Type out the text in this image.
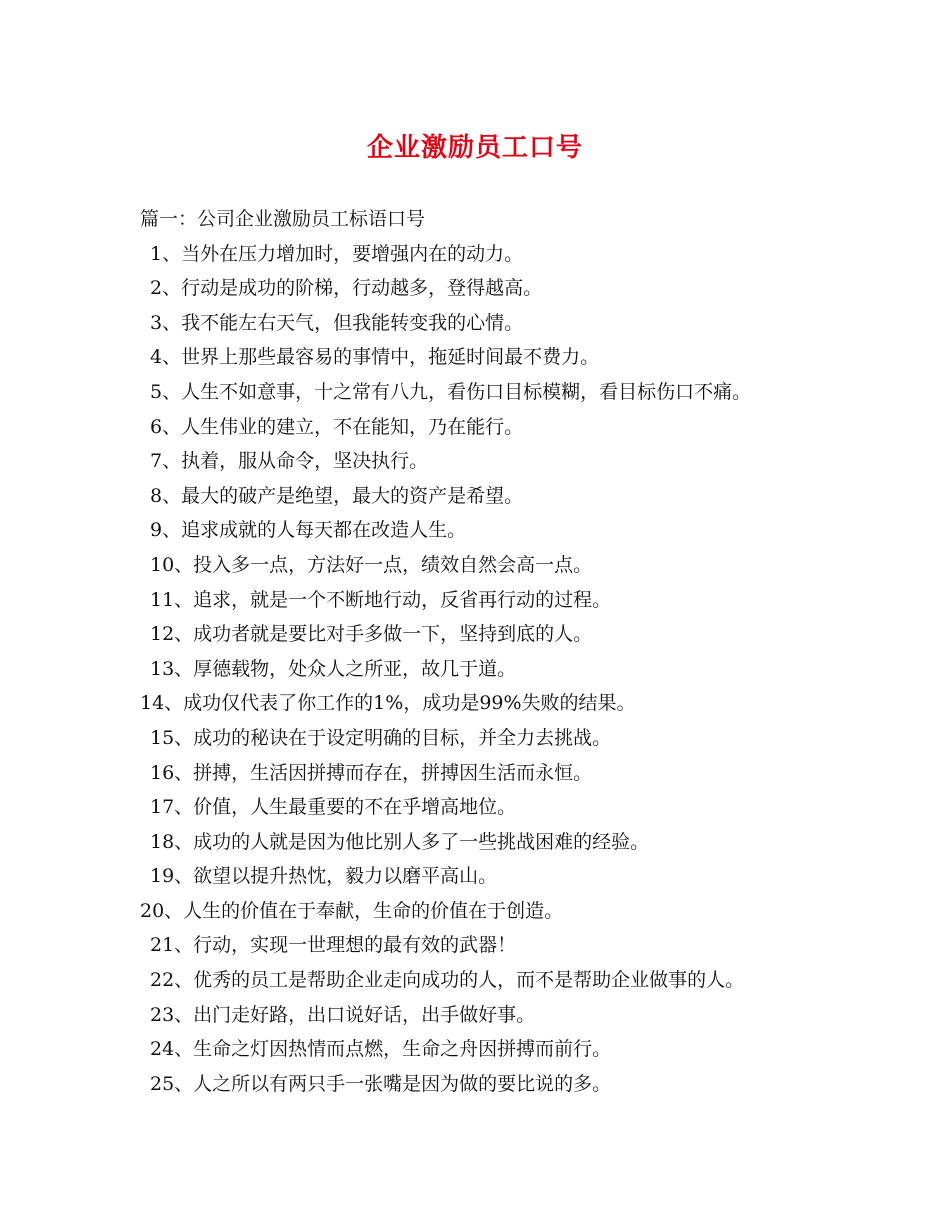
企业激励员工口号
篇一：公司企业激励员工标语口号
1、当外在压力增加时，要增强内在的动力。
2、行动是成功的阶梯，行动越多，登得越高。
3、我不能左右天气，但我能转变我的心情。
4、世界上那些最容易的事情中，拖延时间最不费力。
5、人生不如意事，十之常有八九，看伤口目标模糊，看目标伤口不痛。
6、人生伟业的建立，不在能知，乃在能行。
7、执着，服从命令，坚决执行。
8、最大的破产是绝望，最大的资产是希望。
9、追求成就的人每天都在改造人生。
10、投入多一点，方法好一点，绩效自然会高一点。
11、追求，就是一个不断地行动，反省再行动的过程。
12、成功者就是要比对手多做一下，坚持到底的人。
13、厚德载物，处众人之所亚，故几于道。
14、成功仅代表了你工作的1%，成功是99%失败的结果。
15、成功的秘诀在于设定明确的目标，并全力去挑战。
16、拼搏，生活因拼搏而存在，拼搏因生活而永恒。
17、价值，人生最重要的不在乎增高地位。
18、成功的人就是因为他比别人多了一些挑战困难的经验。
19、欲望以提升热忱，毅力以磨平高山。
20、人生的价值在于奉献，生命的价值在于创造。
21、行动，实现一世理想的最有效的武器！
22、优秀的员工是帮助企业走向成功的人，而不是帮助企业做事的人。
23、出门走好路，出口说好话，出手做好事。
24、生命之灯因热情而点燃，生命之舟因拼搏而前行。
25、人之所以有两只手一张嘴是因为做的要比说的多。
